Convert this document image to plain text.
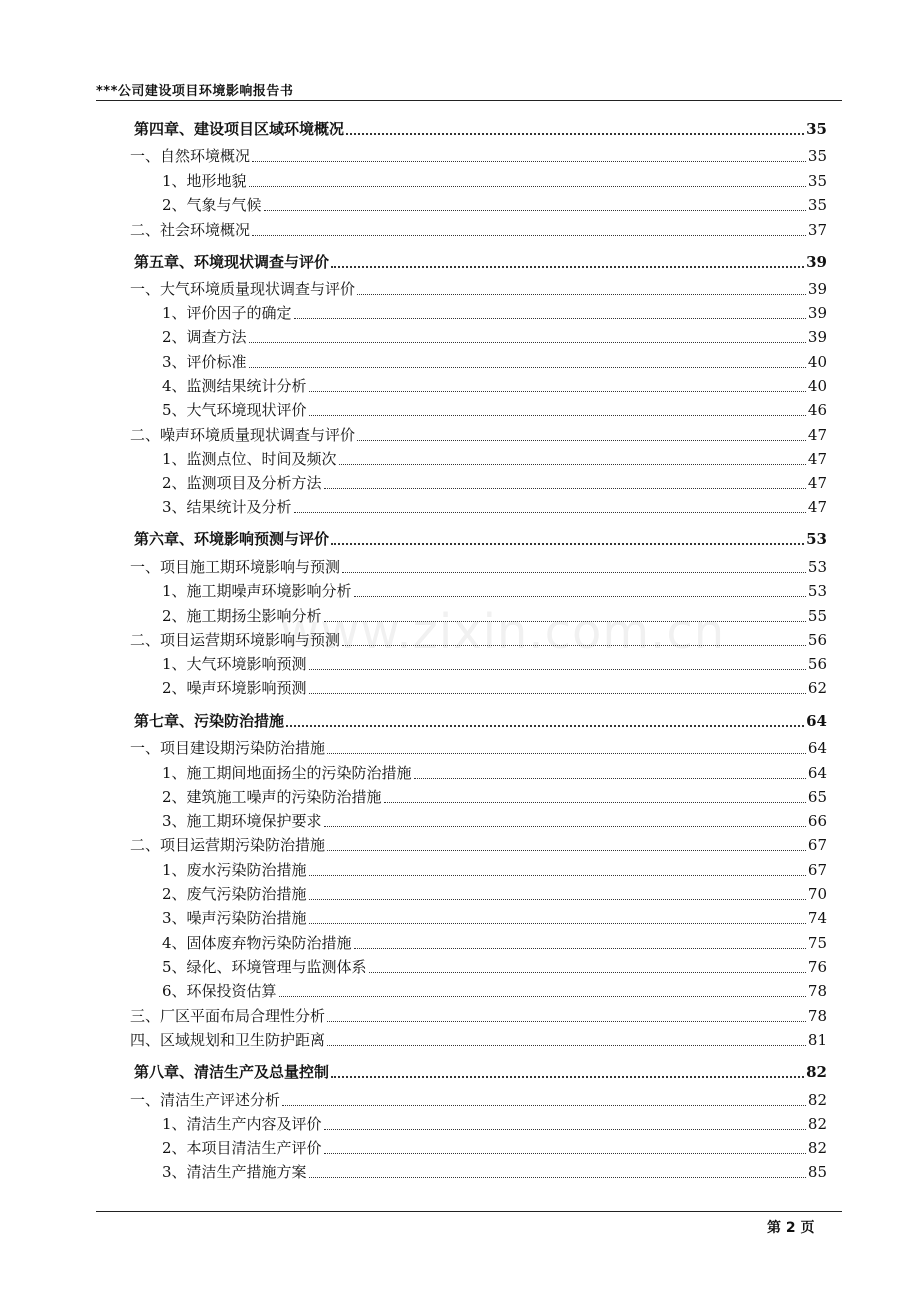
***公司建设项目环境影响报告书
www.zixin.com.cn
第四章、建设项目区域环境概况	35
一、自然环境概况	35
1、地形地貌	35
2、气象与气候	35
二、社会环境概况	37
第五章、环境现状调查与评价	39
一、大气环境质量现状调查与评价	39
1、评价因子的确定	39
2、调查方法	39
3、评价标准	40
4、监测结果统计分析	40
5、大气环境现状评价	46
二、噪声环境质量现状调查与评价	47
1、监测点位、时间及频次	47
2、监测项目及分析方法	47
3、结果统计及分析	47
第六章、环境影响预测与评价	53
一、项目施工期环境影响与预测	53
1、施工期噪声环境影响分析	53
2、施工期扬尘影响分析	55
二、项目运营期环境影响与预测	56
1、大气环境影响预测	56
2、噪声环境影响预测	62
第七章、污染防治措施	64
一、项目建设期污染防治措施	64
1、施工期间地面扬尘的污染防治措施	64
2、建筑施工噪声的污染防治措施	65
3、施工期环境保护要求	66
二、项目运营期污染防治措施	67
1、废水污染防治措施	67
2、废气污染防治措施	70
3、噪声污染防治措施	74
4、固体废弃物污染防治措施	75
5、绿化、环境管理与监测体系	76
6、环保投资估算	78
三、厂区平面布局合理性分析	78
四、区域规划和卫生防护距离	81
第八章、清洁生产及总量控制	82
一、清洁生产评述分析	82
1、清洁生产内容及评价	82
2、本项目清洁生产评价	82
3、清洁生产措施方案	85
第 2 页
